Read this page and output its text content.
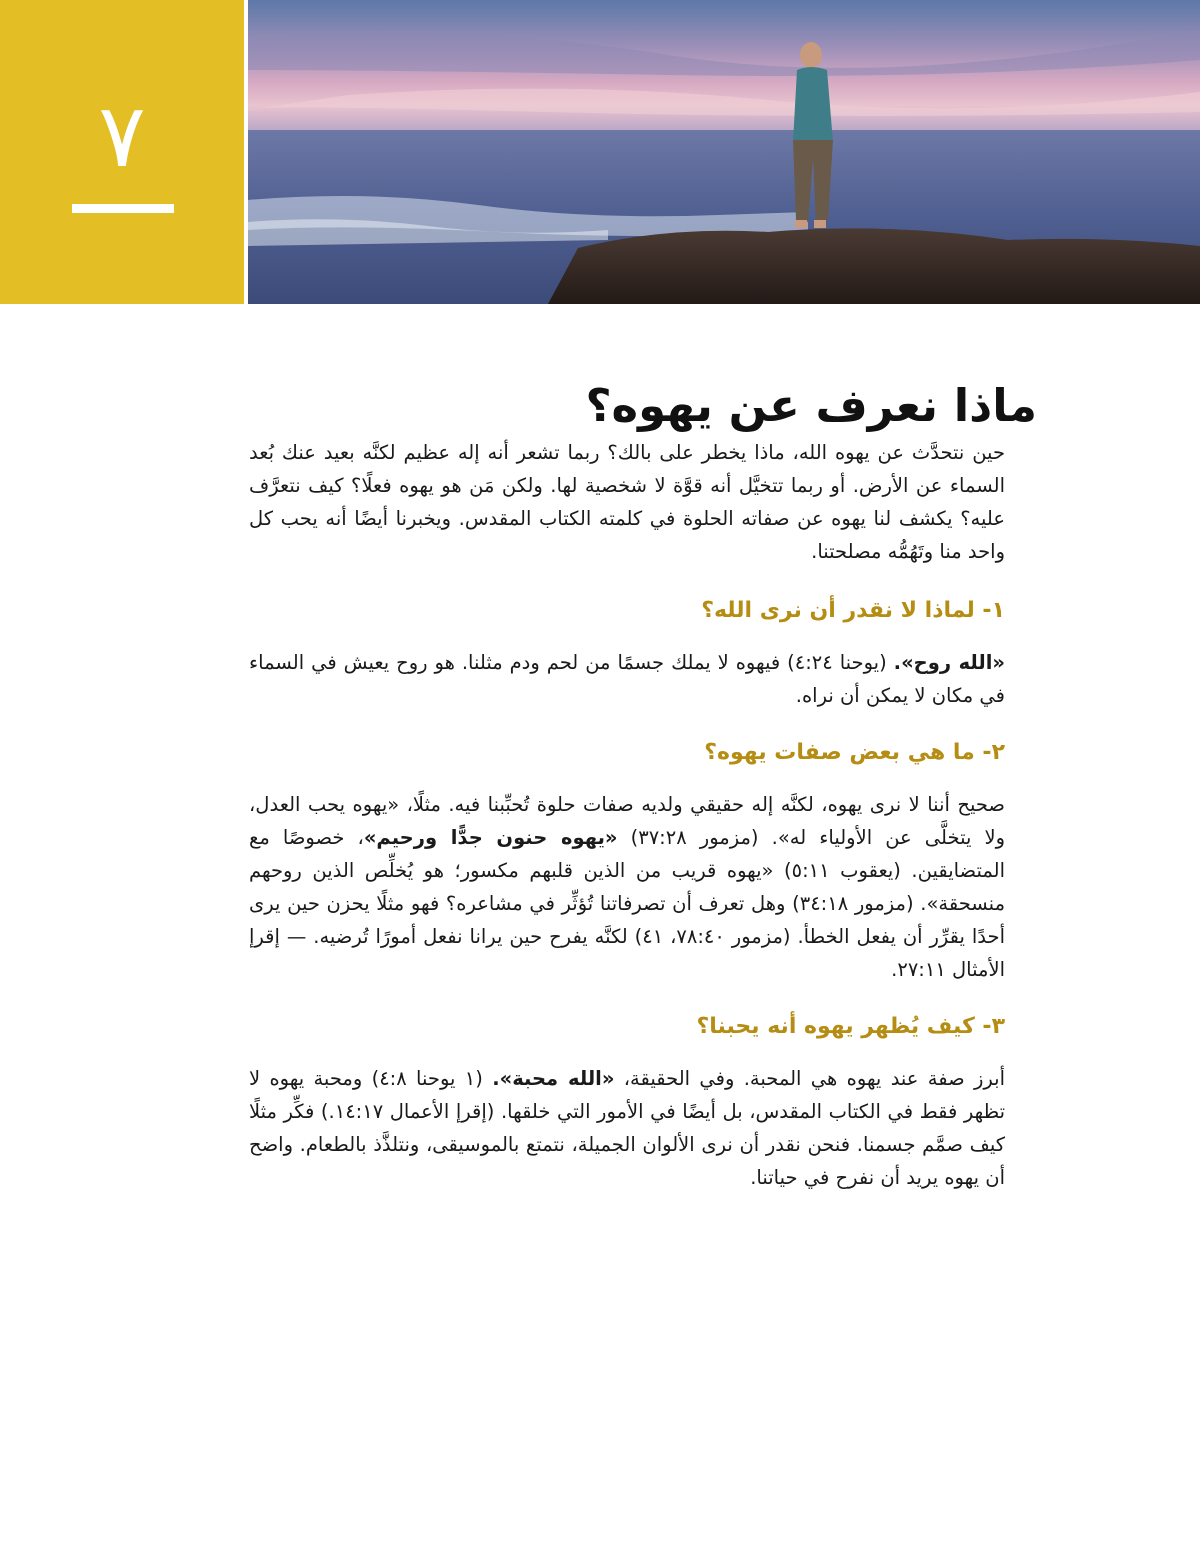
٧
ماذا نعرف عن يهوه؟

حين نتحدَّث عن يهوه الله، ماذا يخطر على بالك؟ ربما تشعر أنه إله عظيم لكنَّه بعيد عنك بُعد السماء عن الأرض. أو ربما تتخيَّل أنه قوَّة لا شخصية لها. ولكن مَن هو يهوه فعلًا؟ كيف نتعرَّف عليه؟ يكشف لنا يهوه عن صفاته الحلوة في كلمته الكتاب المقدس. ويخبرنا أيضًا أنه يحب كل واحد منا وتَهُمُّه مصلحتنا.

١- لماذا لا نقدر أن نرى الله؟

«الله روح». (يوحنا ٤:٢٤) فيهوه لا يملك جسمًا من لحم ودم مثلنا. هو روح يعيش في السماء في مكان لا يمكن أن نراه.

٢- ما هي بعض صفات يهوه؟

صحيح أننا لا نرى يهوه، لكنَّه إله حقيقي ولديه صفات حلوة تُحبِّبنا فيه. مثلًا، «يهوه يحب العدل، ولا يتخلَّى عن الأولياء له». (مزمور ٣٧:٢٨) «يهوه حنون جدًّا ورحيم»، خصوصًا مع المتضايقين. (يعقوب ٥:١١) «يهوه قريب من الذين قلبهم مكسور؛ هو يُخلِّص الذين روحهم منسحقة». (مزمور ٣٤:١٨) وهل تعرف أن تصرفاتنا تُؤثِّر في مشاعره؟ فهو مثلًا يحزن حين يرى أحدًا يقرِّر أن يفعل الخطأ. (مزمور ٧٨:٤٠، ٤١) لكنَّه يفرح حين يرانا نفعل أمورًا تُرضيه. — إقرإ الأمثال ٢٧:١١.

٣- كيف يُظهر يهوه أنه يحبنا؟

أبرز صفة عند يهوه هي المحبة. وفي الحقيقة، «الله محبة». (١ يوحنا ٤:٨) ومحبة يهوه لا تظهر فقط في الكتاب المقدس، بل أيضًا في الأمور التي خلقها. (إقرإ الأعمال ١٤:١٧.) فكِّر مثلًا كيف صمَّم جسمنا. فنحن نقدر أن نرى الألوان الجميلة، نتمتع بالموسيقى، ونتلذَّذ بالطعام. واضح أن يهوه يريد أن نفرح في حياتنا.
